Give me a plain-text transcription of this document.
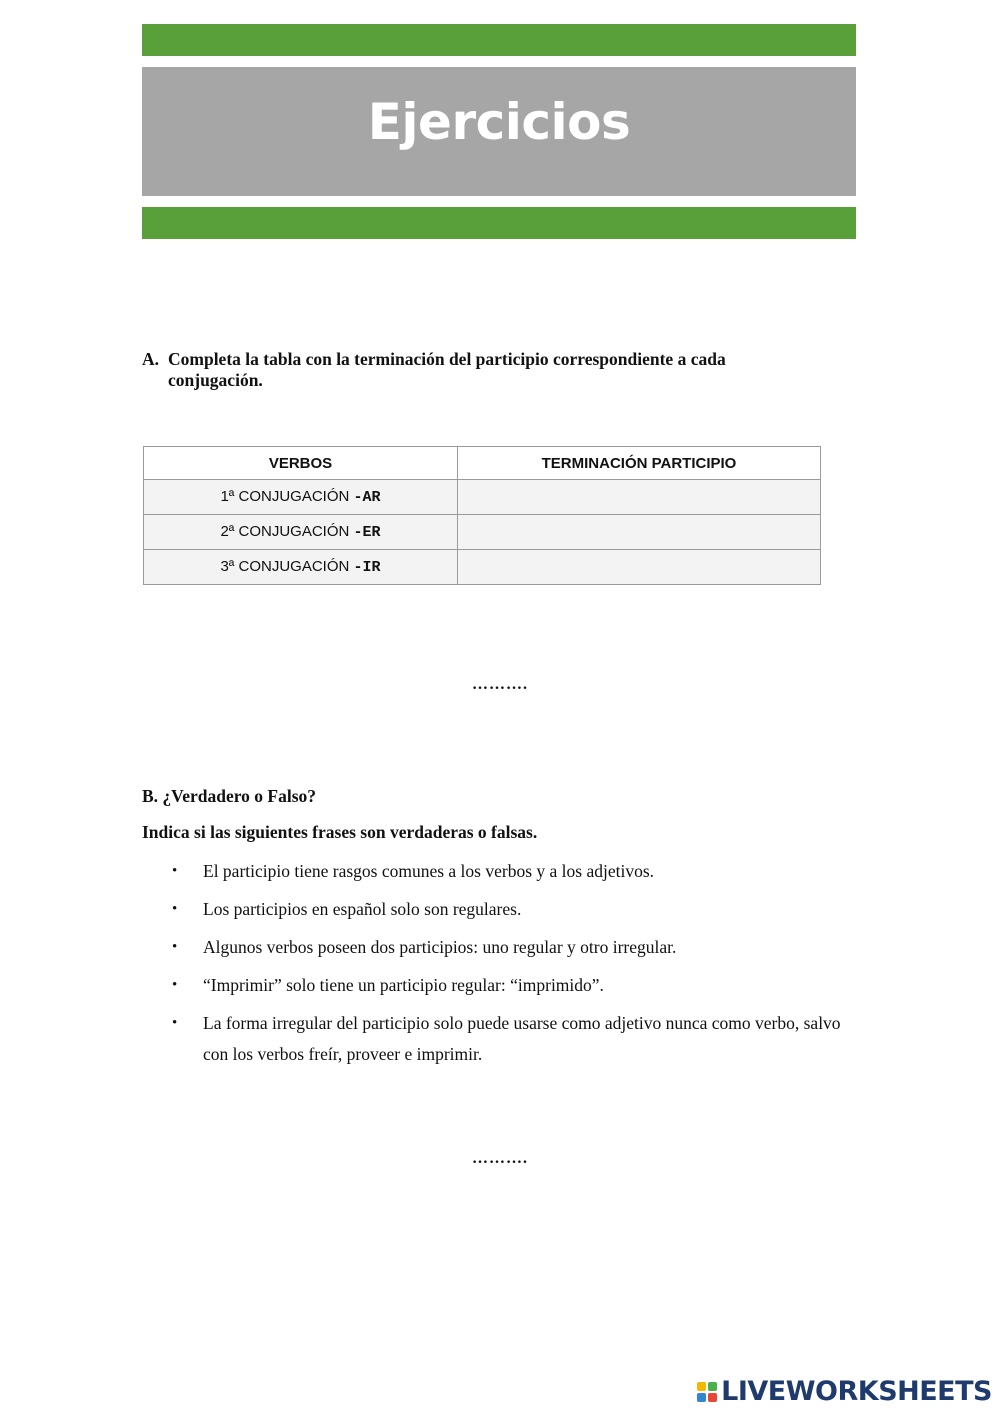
Ejercicios
A. Completa la tabla con la terminación del participio correspondiente a cada conjugación.
VERBOS	TERMINACIÓN PARTICIPIO
1ª CONJUGACIÓN -AR	
2ª CONJUGACIÓN -ER	
3ª CONJUGACIÓN -IR	
……….
B. ¿Verdadero o Falso?
Indica si las siguientes frases son verdaderas o falsas.
•	El participio tiene rasgos comunes a los verbos y a los adjetivos.
•	Los participios en español solo son regulares.
•	Algunos verbos poseen dos participios: uno regular y otro irregular.
•	“Imprimir” solo tiene un participio regular: “imprimido”.
•	La forma irregular del participio solo puede usarse como adjetivo nunca como verbo, salvo con los verbos freír, proveer e imprimir.
……….
LIVEWORKSHEETS
